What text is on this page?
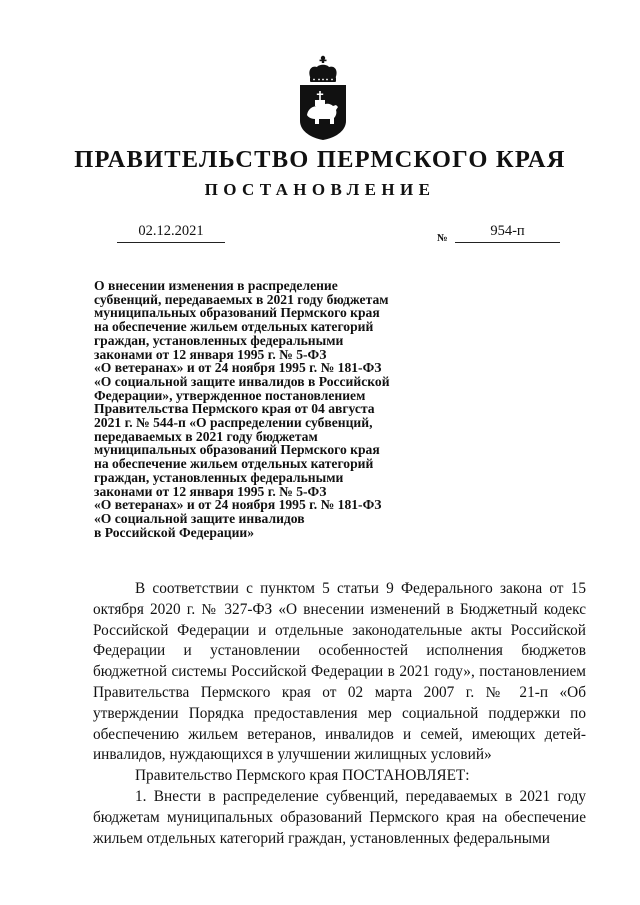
ПРАВИТЕЛЬСТВО ПЕРМСКОГО КРАЯ
ПОСТАНОВЛЕНИЕ
02.12.2021	№	954-п
О внесении изменения в распределение
субвенций, передаваемых в 2021 году бюджетам
муниципальных образований Пермского края
на обеспечение жильем отдельных категорий
граждан, установленных федеральными
законами от 12 января 1995 г. № 5-ФЗ
«О ветеранах» и от 24 ноября 1995 г. № 181-ФЗ
«О социальной защите инвалидов в Российской
Федерации», утвержденное постановлением
Правительства Пермского края от 04 августа
2021 г. № 544-п «О распределении субвенций,
передаваемых в 2021 году бюджетам
муниципальных образований Пермского края
на обеспечение жильем отдельных категорий
граждан, установленных федеральными
законами от 12 января 1995 г. № 5-ФЗ
«О ветеранах» и от 24 ноября 1995 г. № 181-ФЗ
«О социальной защите инвалидов
в Российской Федерации»

В соответствии с пунктом 5 статьи 9 Федерального закона от 15 октября 2020 г. № 327-ФЗ «О внесении изменений в Бюджетный кодекс Российской Федерации и отдельные законодательные акты Российской Федерации и установлении особенностей исполнения бюджетов бюджетной системы Российской Федерации в 2021 году», постановлением Правительства Пермского края от 02 марта 2007 г. № 21-п «Об утверждении Порядка предоставления мер социальной поддержки по обеспечению жильем ветеранов, инвалидов и семей, имеющих детей-инвалидов, нуждающихся в улучшении жилищных условий»

Правительство Пермского края ПОСТАНОВЛЯЕТ:

1. Внести в распределение субвенций, передаваемых в 2021 году бюджетам муниципальных образований Пермского края на обеспечение жильем отдельных категорий граждан, установленных федеральными
